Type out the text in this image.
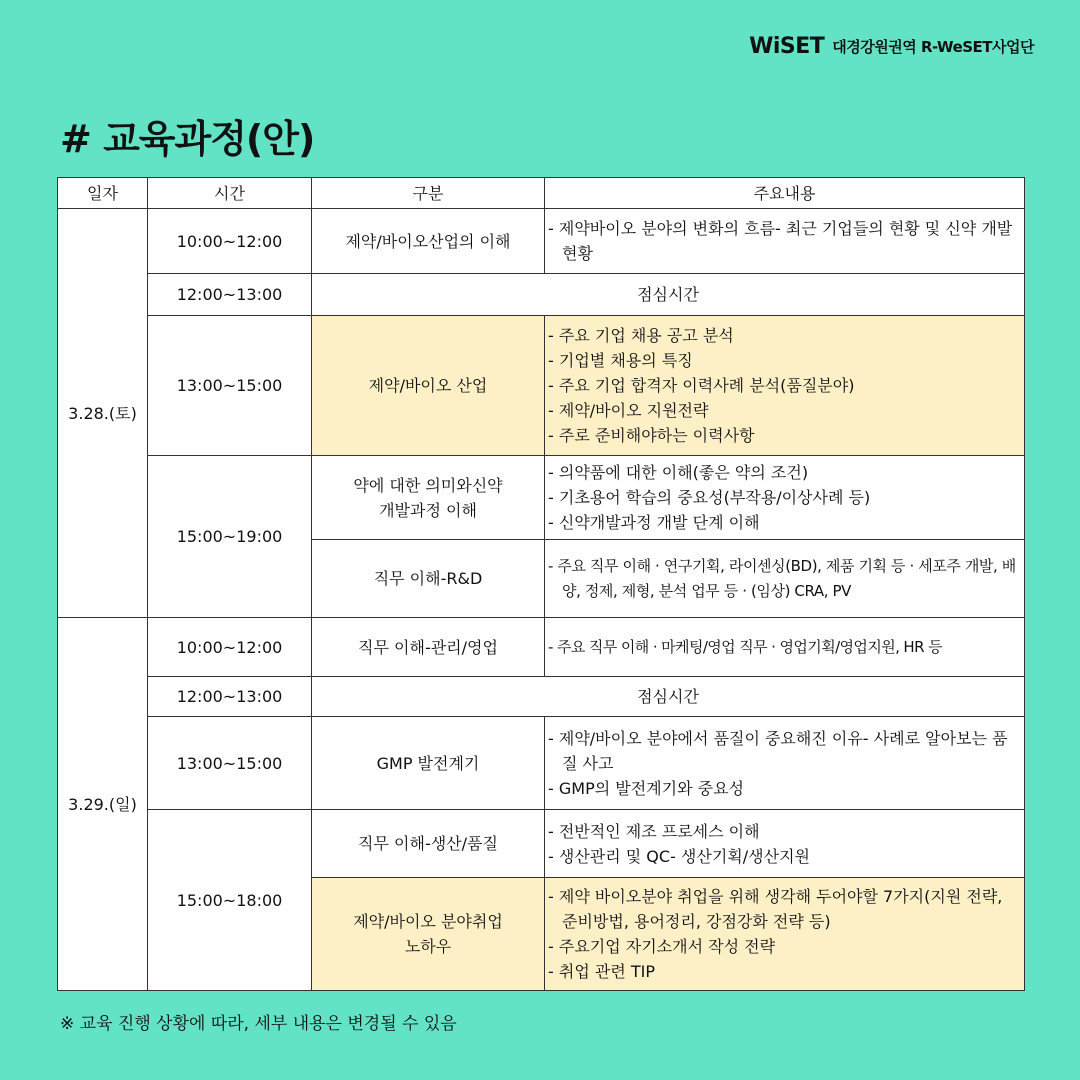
WiSET 대경강원권역 R-WeSET사업단
# 교육과정(안)
일자	시간	구분	주요내용
3.28.(토)	10:00~12:00	제약/바이오산업의 이해	- 제약바이오 분야의 변화의 흐름- 최근 기업들의 현황 및 신약 개발 현황

	12:00~13:00	점심시간	
	13:00~15:00	제약/바이오 산업	- 주요 기업 채용 공고 분석
- 기업별 채용의 특징
- 주요 기업 합격자 이력사례 분석(품질분야)
- 제약/바이오 지원전략
- 주로 준비해야하는 이력사항

	15:00~19:00	약에 대한 의미와신약
개발과정 이해	- 의약품에 대한 이해(좋은 약의 조건)
- 기초용어 학습의 중요성(부작용/이상사례 등)
- 신약개발과정 개발 단계 이해

		직무 이해-R&D	- 주요 직무 이해 · 연구기획, 라이센싱(BD), 제품 기획 등 · 세포주 개발, 배양, 정제, 제형, 분석 업무 등 · (임상) CRA, PV

3.29.(일)	10:00~12:00	직무 이해-관리/영업	- 주요 직무 이해 · 마케팅/영업 직무 · 영업기획/영업지원, HR 등

	12:00~13:00	점심시간	
	13:00~15:00	GMP 발전계기	- 제약/바이오 분야에서 품질이 중요해진 이유- 사례로 알아보는 품질 사고
- GMP의 발전계기와 중요성

	15:00~18:00	직무 이해-생산/품질	- 전반적인 제조 프로세스 이해
- 생산관리 및 QC- 생산기획/생산지원

		제약/바이오 분야취업
노하우	- 제약 바이오분야 취업을 위해 생각해 두어야할 7가지(지원 전략, 준비방법, 용어정리, 강점강화 전략 등)
- 주요기업 자기소개서 작성 전략
- 취업 관련 TIP

※ 교육 진행 상황에 따라, 세부 내용은 변경될 수 있음
